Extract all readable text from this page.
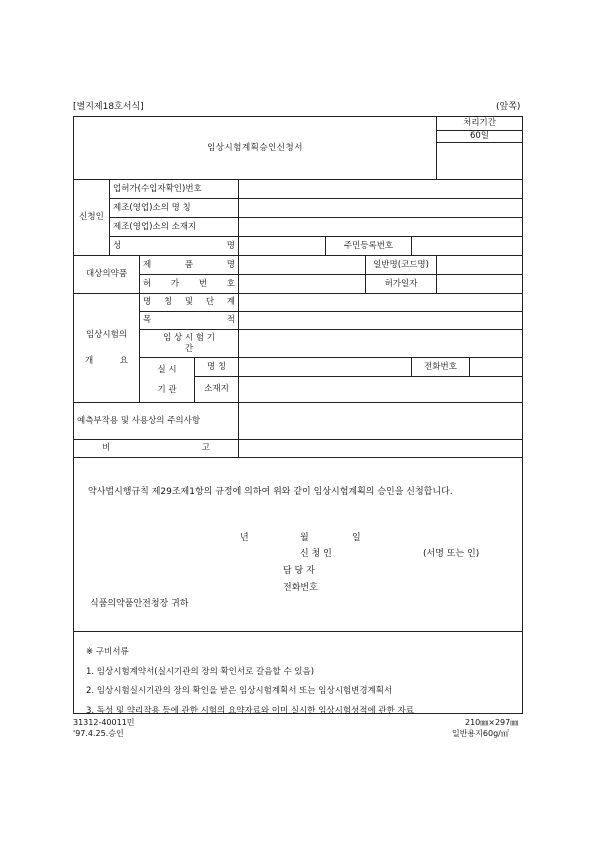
[별지제18호서식]	(앞쪽)
임상시험계획승인신청서								처리기간	
								60일	

신청인	업허가(수입자확인)번호								
	제조(영업)소의 명 칭								
	제조(영업)소의 소재지								
	성 명				주민등록번호				
대상의약품		제 품 명				일반명(코드명)			
		허 가 번 호				허가일자			

임상시험의
개 요		명 칭 및 단 계							
		목 적							

		임 상 시 험 기
간							

		실 시
기 관	명 칭				전화번호		
			소재지						
예측부작용 및 사용상의 주의사항									
비 고									

약사법시행규칙 제29조제1항의 규정에 의하여 위와 같이 임상시험계획의 승인을 신청합니다.
년	월	일
신 청 인	(서명 또는 인)
담 당 자
전화번호
식품의약품안전청장 귀하
※ 구비서류
1. 임상시험계약서(실시기관의 장의 확인서로 갈음할 수 있음)
2. 임상시험실시기관의 장의 확인을 받은 임상시험계획서 또는 임상시험변경계획서
3. 독성 및 약리작용 등에 관한 시험의 요약자료와 이미 실시한 임상시험성적에 관한 자료
31312-40011민
'97.4.25.승인
210㎜×297㎜
일반용지60g/㎡
